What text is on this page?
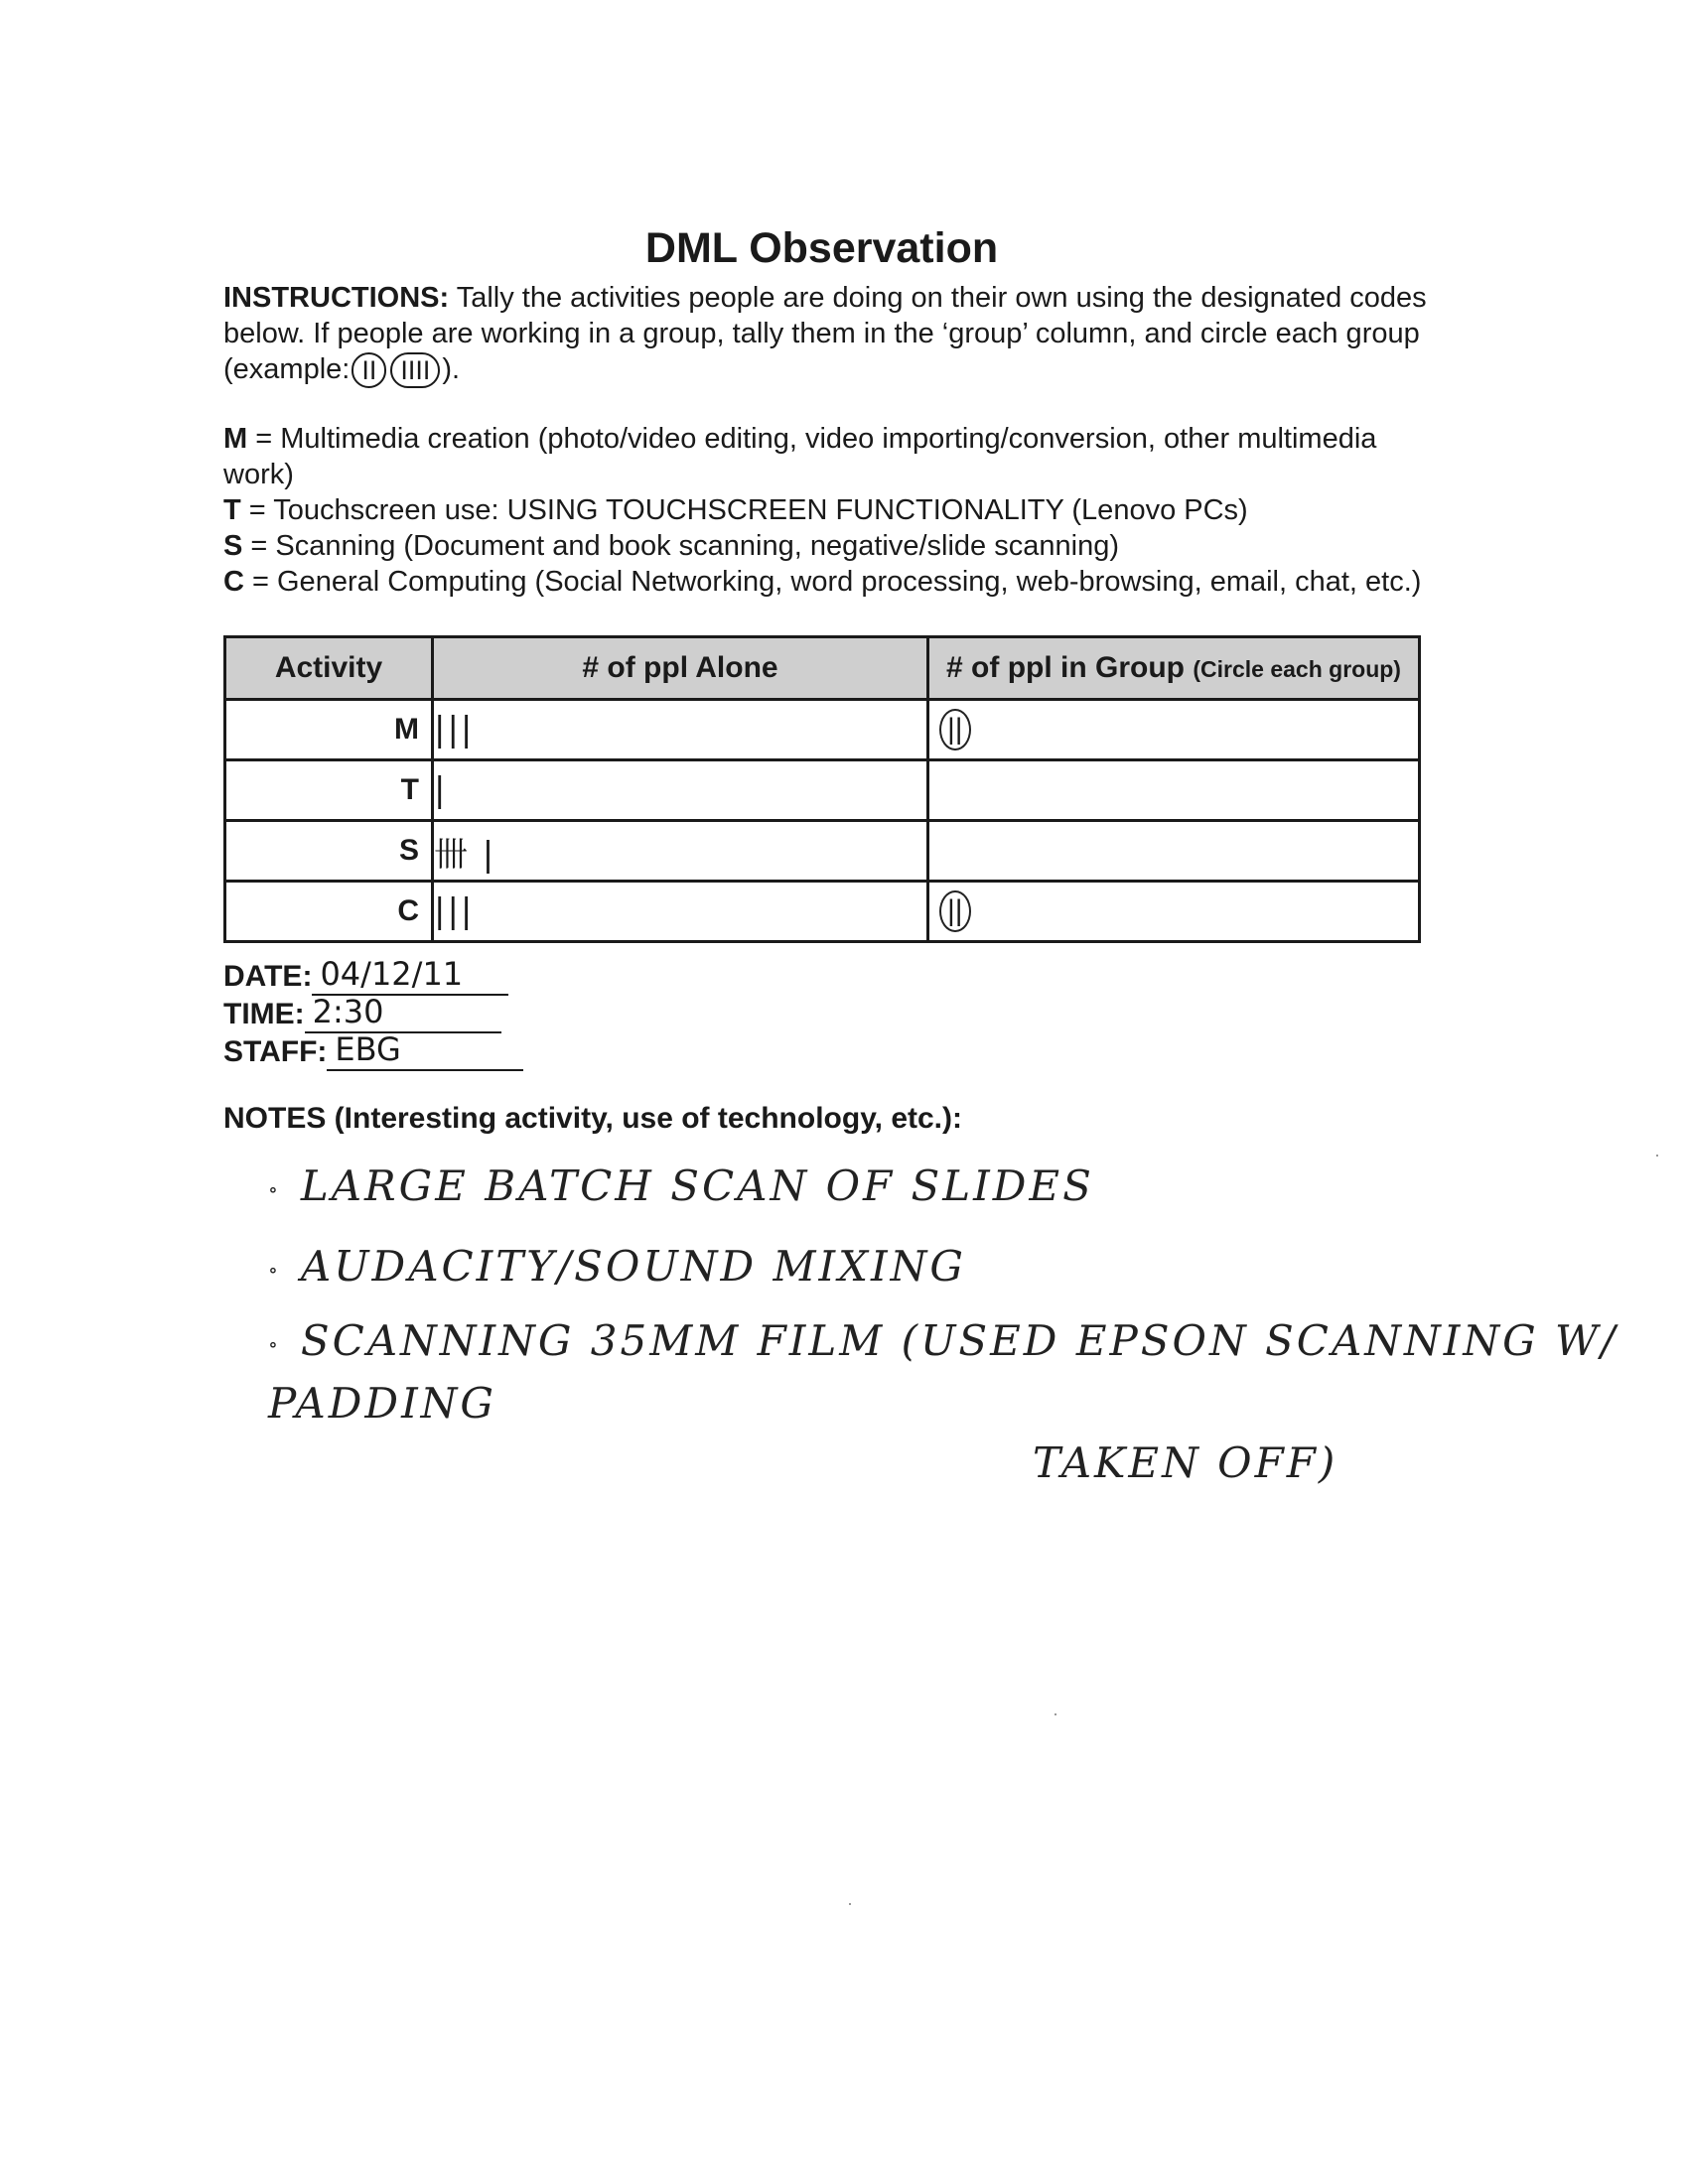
DML Observation
INSTRUCTIONS: Tally the activities people are doing on their own using the designated codes below. If people are working in a group, tally them in the ‘group’ column, and circle each group (example: II IIII ).

M = Multimedia creation (photo/video editing, video importing/conversion, other multimedia work)

T = Touchscreen use: USING TOUCHSCREEN FUNCTIONALITY (Lenovo PCs)

S = Scanning (Document and book scanning, negative/slide scanning)

C = General Computing (Social Networking, word processing, web-browsing, email, chat, etc.)

Activity	# of ppl Alone	# of ppl in Group (Circle each group)
M	|||	||
T	|	
S	卌 |	
C	|||	||
DATE: 04/12/11
TIME: 2:30
STAFF: EBG
NOTES (Interesting activity, use of technology, etc.):

∘ LARGE BATCH SCAN OF SLIDES

∘ AUDACITY/SOUND MIXING

∘ SCANNING 35MM FILM (USED EPSON SCANNING W/ PADDING
TAKEN OFF)
